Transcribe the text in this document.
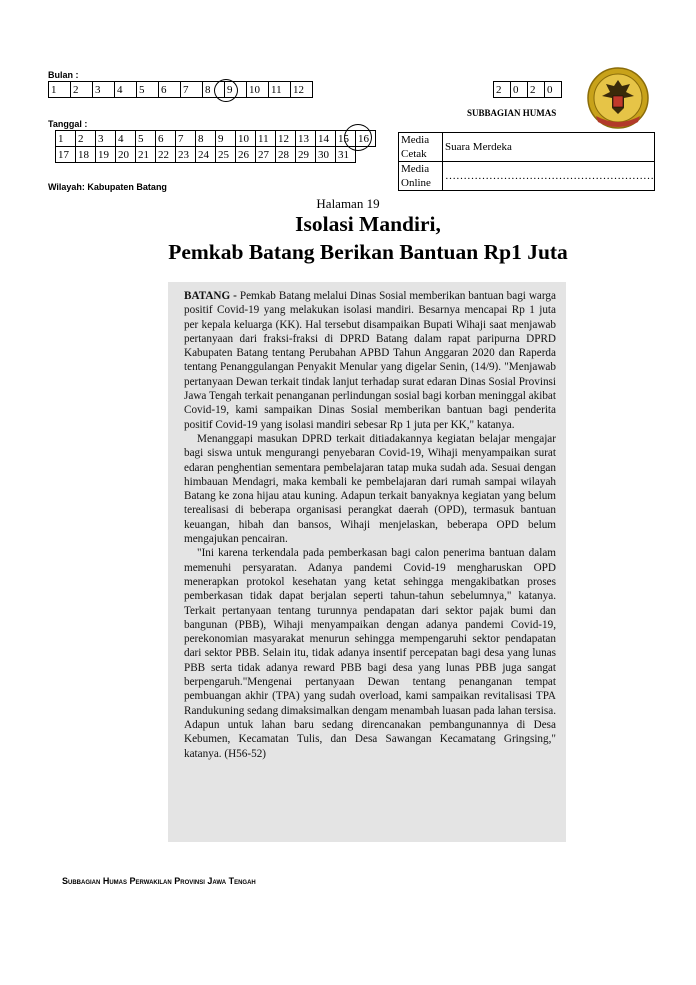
Bulan :
1	2	3	4	5	6	7	8	9	10	11	12
Tanggal :
1	2	3	4	5	6	7	8	9	10	11	12	13	14	15	16
17	18	19	20	21	22	23	24	25	26	27	28	29	30	31	
2	0	2	0
SUBBAGIAN HUMAS
Media Cetak	Suara Merdeka
Media Online	…………………………………………………
Wilayah: Kabupaten Batang
Halaman 19
Isolasi Mandiri,
Pemkab Batang Berikan Bantuan Rp1 Juta

BATANG - Pemkab Batang melalui Dinas Sosial memberikan bantuan bagi warga positif Covid-19 yang melakukan isolasi mandiri. Besarnya mencapai Rp 1 juta per kepala keluarga (KK). Hal tersebut disampaikan Bupati Wihaji saat menjawab pertanyaan dari fraksi-fraksi di DPRD Batang dalam rapat paripurna DPRD Kabupaten Batang tentang Perubahan APBD Tahun Anggaran 2020 dan Raperda tentang Penanggulangan Penyakit Menular yang digelar Senin, (14/9). "Menjawab pertanyaan Dewan terkait tindak lanjut terhadap surat edaran Dinas Sosial Provinsi Jawa Tengah terkait penanganan perlindungan sosial bagi korban meninggal akibat Covid-19, kami sampaikan Dinas Sosial memberikan bantuan bagi penderita positif Covid-19 yang isolasi mandiri sebesar Rp 1 juta per KK," katanya.

Menanggapi masukan DPRD terkait ditiadakannya kegiatan belajar mengajar bagi siswa untuk mengurangi penyebaran Covid-19, Wihaji menyampaikan surat edaran penghentian sementara pembelajaran tatap muka sudah ada. Sesuai dengan himbauan Mendagri, maka kembali ke pembelajaran dari rumah sampai wilayah Batang ke zona hijau atau kuning. Adapun terkait banyaknya kegiatan yang belum terealisasi di beberapa organisasi perangkat daerah (OPD), termasuk bantuan keuangan, hibah dan bansos, Wihaji menjelaskan, beberapa OPD belum mengajukan pencairan.

"Ini karena terkendala pada pemberkasan bagi calon penerima bantuan dalam memenuhi persyaratan. Adanya pandemi Covid-19 mengharuskan OPD menerapkan protokol kesehatan yang ketat sehingga mengakibatkan proses pemberkasan tidak dapat berjalan seperti tahun-tahun sebelumnya," katanya. Terkait pertanyaan tentang turunnya pendapatan dari sektor pajak bumi dan bangunan (PBB), Wihaji menyampaikan dengan adanya pandemi Covid-19, perekonomian masyarakat menurun sehingga mempengaruhi sektor pendapatan dari sektor PBB. Selain itu, tidak adanya insentif percepatan bagi desa yang lunas PBB serta tidak adanya reward PBB bagi desa yang lunas PBB juga sangat berpengaruh."Mengenai pertanyaan Dewan tentang penanganan tempat pembuangan akhir (TPA) yang sudah overload, kami sampaikan revitalisasi TPA Randukuning sedang dimaksimalkan dengam menambah luasan pada lahan tersisa. Adapun untuk lahan baru sedang direncanakan pembangunannya di Desa Kebumen, Kecamatan Tulis, dan Desa Sawangan Kecamatang Gringsing," katanya. (H56-52)

Subbagian Humas Perwakilan Provinsi Jawa Tengah
